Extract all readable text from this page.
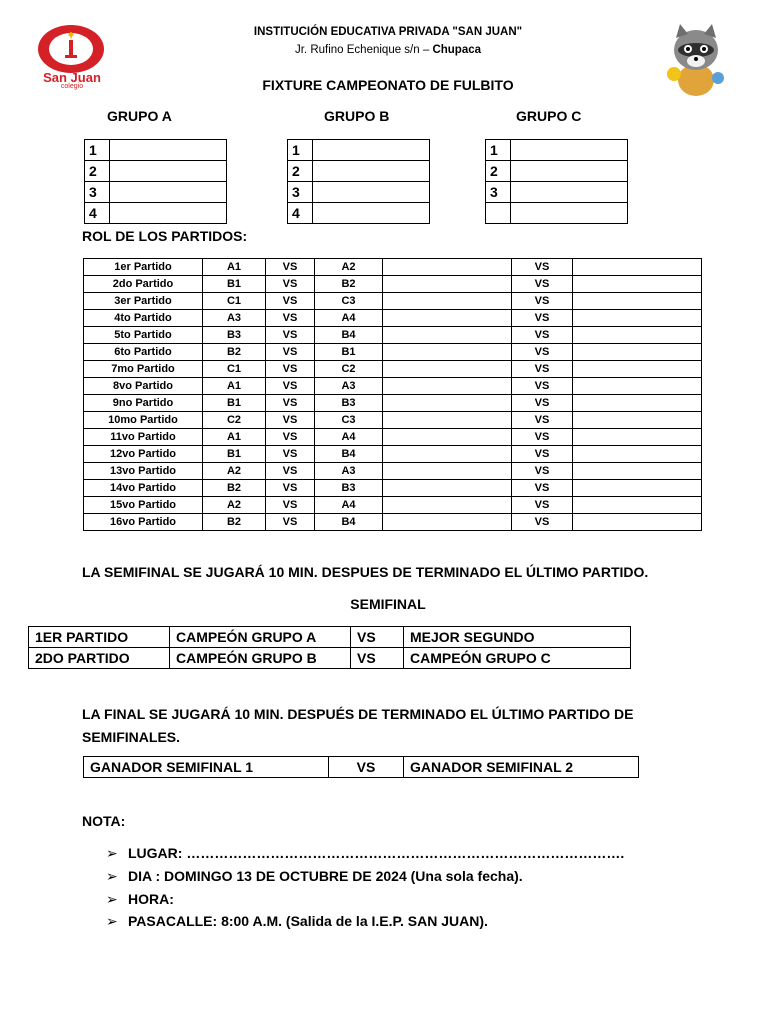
San Juan
colegio
INSTITUCIÓN EDUCATIVA PRIVADA "SAN JUAN"
Jr. Rufino Echenique s/n – Chupaca
FIXTURE CAMPEONATO DE FULBITO
GRUPO A	GRUPO B	GRUPO C
1	
2	
3	
4	
1	
2	
3	
4	
1	
2	
3	

ROL DE LOS PARTIDOS:
1er Partido	A1	VS	A2		VS	
2do Partido	B1	VS	B2		VS	
3er Partido	C1	VS	C3		VS	
4to Partido	A3	VS	A4		VS	
5to Partido	B3	VS	B4		VS	
6to Partido	B2	VS	B1		VS	
7mo Partido	C1	VS	C2		VS	
8vo Partido	A1	VS	A3		VS	
9no Partido	B1	VS	B3		VS	
10mo Partido	C2	VS	C3		VS	
11vo Partido	A1	VS	A4		VS	
12vo Partido	B1	VS	B4		VS	
13vo Partido	A2	VS	A3		VS	
14vo Partido	B2	VS	B3		VS	
15vo Partido	A2	VS	A4		VS	
16vo Partido	B2	VS	B4		VS	
LA SEMIFINAL SE JUGARÁ 10 MIN. DESPUES DE TERMINADO EL ÚLTIMO PARTIDO.
SEMIFINAL
1ER PARTIDO	CAMPEÓN GRUPO A	VS	MEJOR SEGUNDO
2DO PARTIDO	CAMPEÓN GRUPO B	VS	CAMPEÓN GRUPO C
LA FINAL SE JUGARÁ 10 MIN. DESPUÉS DE TERMINADO EL ÚLTIMO PARTIDO DE SEMIFINALES.
GANADOR SEMIFINAL 1	VS	GANADOR SEMIFINAL 2
NOTA:
➢ LUGAR: ………………………………………………………………………………….
➢ DIA : DOMINGO 13 DE OCTUBRE DE 2024 (Una sola fecha).
➢ HORA:
➢ PASACALLE: 8:00 A.M. (Salida de la I.E.P. SAN JUAN).
